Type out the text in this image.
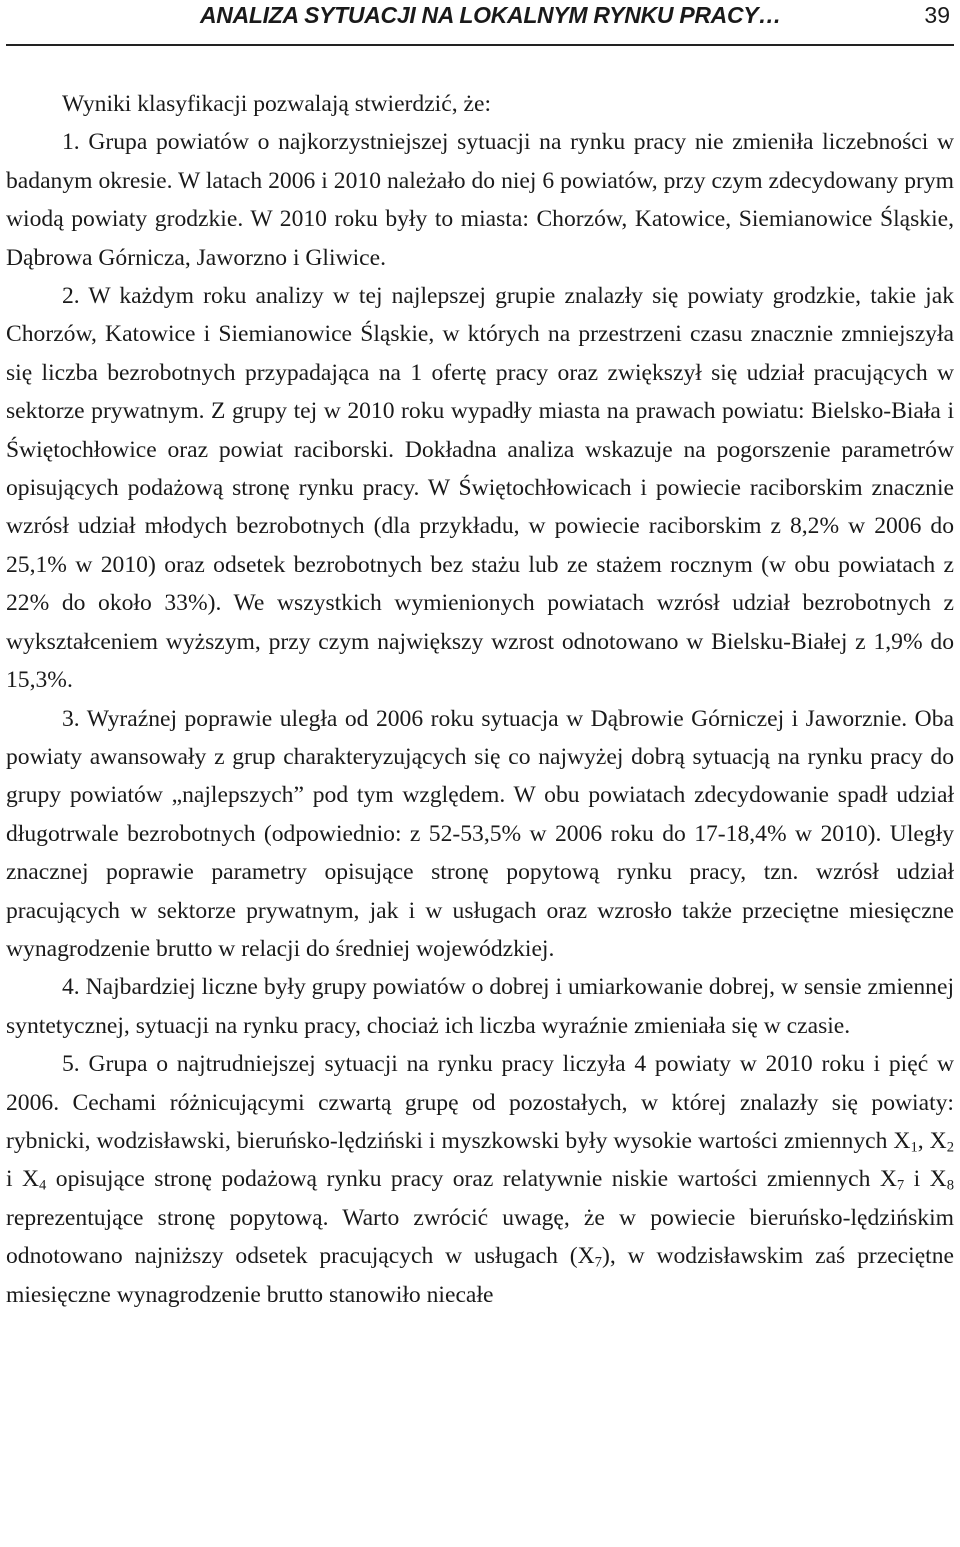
ANALIZA SYTUACJI NA LOKALNYM RYNKU PRACY…	39

Wyniki klasyfikacji pozwalają stwierdzić, że:

1. Grupa powiatów o najkorzystniejszej sytuacji na rynku pracy nie zmieniła liczebności w badanym okresie. W latach 2006 i 2010 należało do niej 6 powiatów, przy czym zdecydowany prym wiodą powiaty grodzkie. W 2010 roku były to miasta: Chorzów, Katowice, Siemianowice Śląskie, Dąbrowa Górnicza, Jaworzno i Gliwice.

2. W każdym roku analizy w tej najlepszej grupie znalazły się powiaty grodzkie, takie jak Chorzów, Katowice i Siemianowice Śląskie, w których na przestrzeni czasu znacznie zmniejszyła się liczba bezrobotnych przypadająca na 1 ofertę pracy oraz zwiększył się udział pracujących w sektorze prywatnym. Z grupy tej w 2010 roku wypadły miasta na prawach powiatu: Bielsko-Biała i Świętochłowice oraz powiat raciborski. Dokładna analiza wskazuje na pogorszenie parametrów opisujących podażową stronę rynku pracy. W Świętochłowicach i powiecie raciborskim znacznie wzrósł udział młodych bezrobotnych (dla przykładu, w powiecie raciborskim z 8,2% w 2006 do 25,1% w 2010) oraz odsetek bezrobotnych bez stażu lub ze stażem rocznym (w obu powiatach z 22% do około 33%). We wszystkich wymienionych powiatach wzrósł udział bezrobotnych z wykształceniem wyższym, przy czym największy wzrost odnotowano w Bielsku-Białej z 1,9% do 15,3%.

3. Wyraźnej poprawie uległa od 2006 roku sytuacja w Dąbrowie Górniczej i Jaworznie. Oba powiaty awansowały z grup charakteryzujących się co najwyżej dobrą sytuacją na rynku pracy do grupy powiatów „najlepszych” pod tym względem. W obu powiatach zdecydowanie spadł udział długotrwale bezrobotnych (odpowiednio: z 52-53,5% w 2006 roku do 17-18,4% w 2010). Uległy znacznej poprawie parametry opisujące stronę popytową rynku pracy, tzn. wzrósł udział pracujących w sektorze prywatnym, jak i w usługach oraz wzrosło także przeciętne miesięczne wynagrodzenie brutto w relacji do średniej wojewódzkiej.

4. Najbardziej liczne były grupy powiatów o dobrej i umiarkowanie dobrej, w sensie zmiennej syntetycznej, sytuacji na rynku pracy, chociaż ich liczba wyraźnie zmieniała się w czasie.

5. Grupa o najtrudniejszej sytuacji na rynku pracy liczyła 4 powiaty w 2010 roku i pięć w 2006. Cechami różnicującymi czwartą grupę od pozostałych, w której znalazły się powiaty: rybnicki, wodzisławski, bieruńsko-lędziński i myszkowski były wysokie wartości zmiennych $X_1$, $X_2$ i $X_4$ opisujące stronę podażową rynku pracy oraz relatywnie niskie wartości zmiennych $X_7$ i $X_8$ reprezentujące stronę popytową. Warto zwrócić uwagę, że w powiecie bieruńsko-lędzińskim odnotowano najniższy odsetek pracujących w usługach $(X_7)$, w wodzisławskim zaś przeciętne miesięczne wynagrodzenie brutto stanowiło niecałe
